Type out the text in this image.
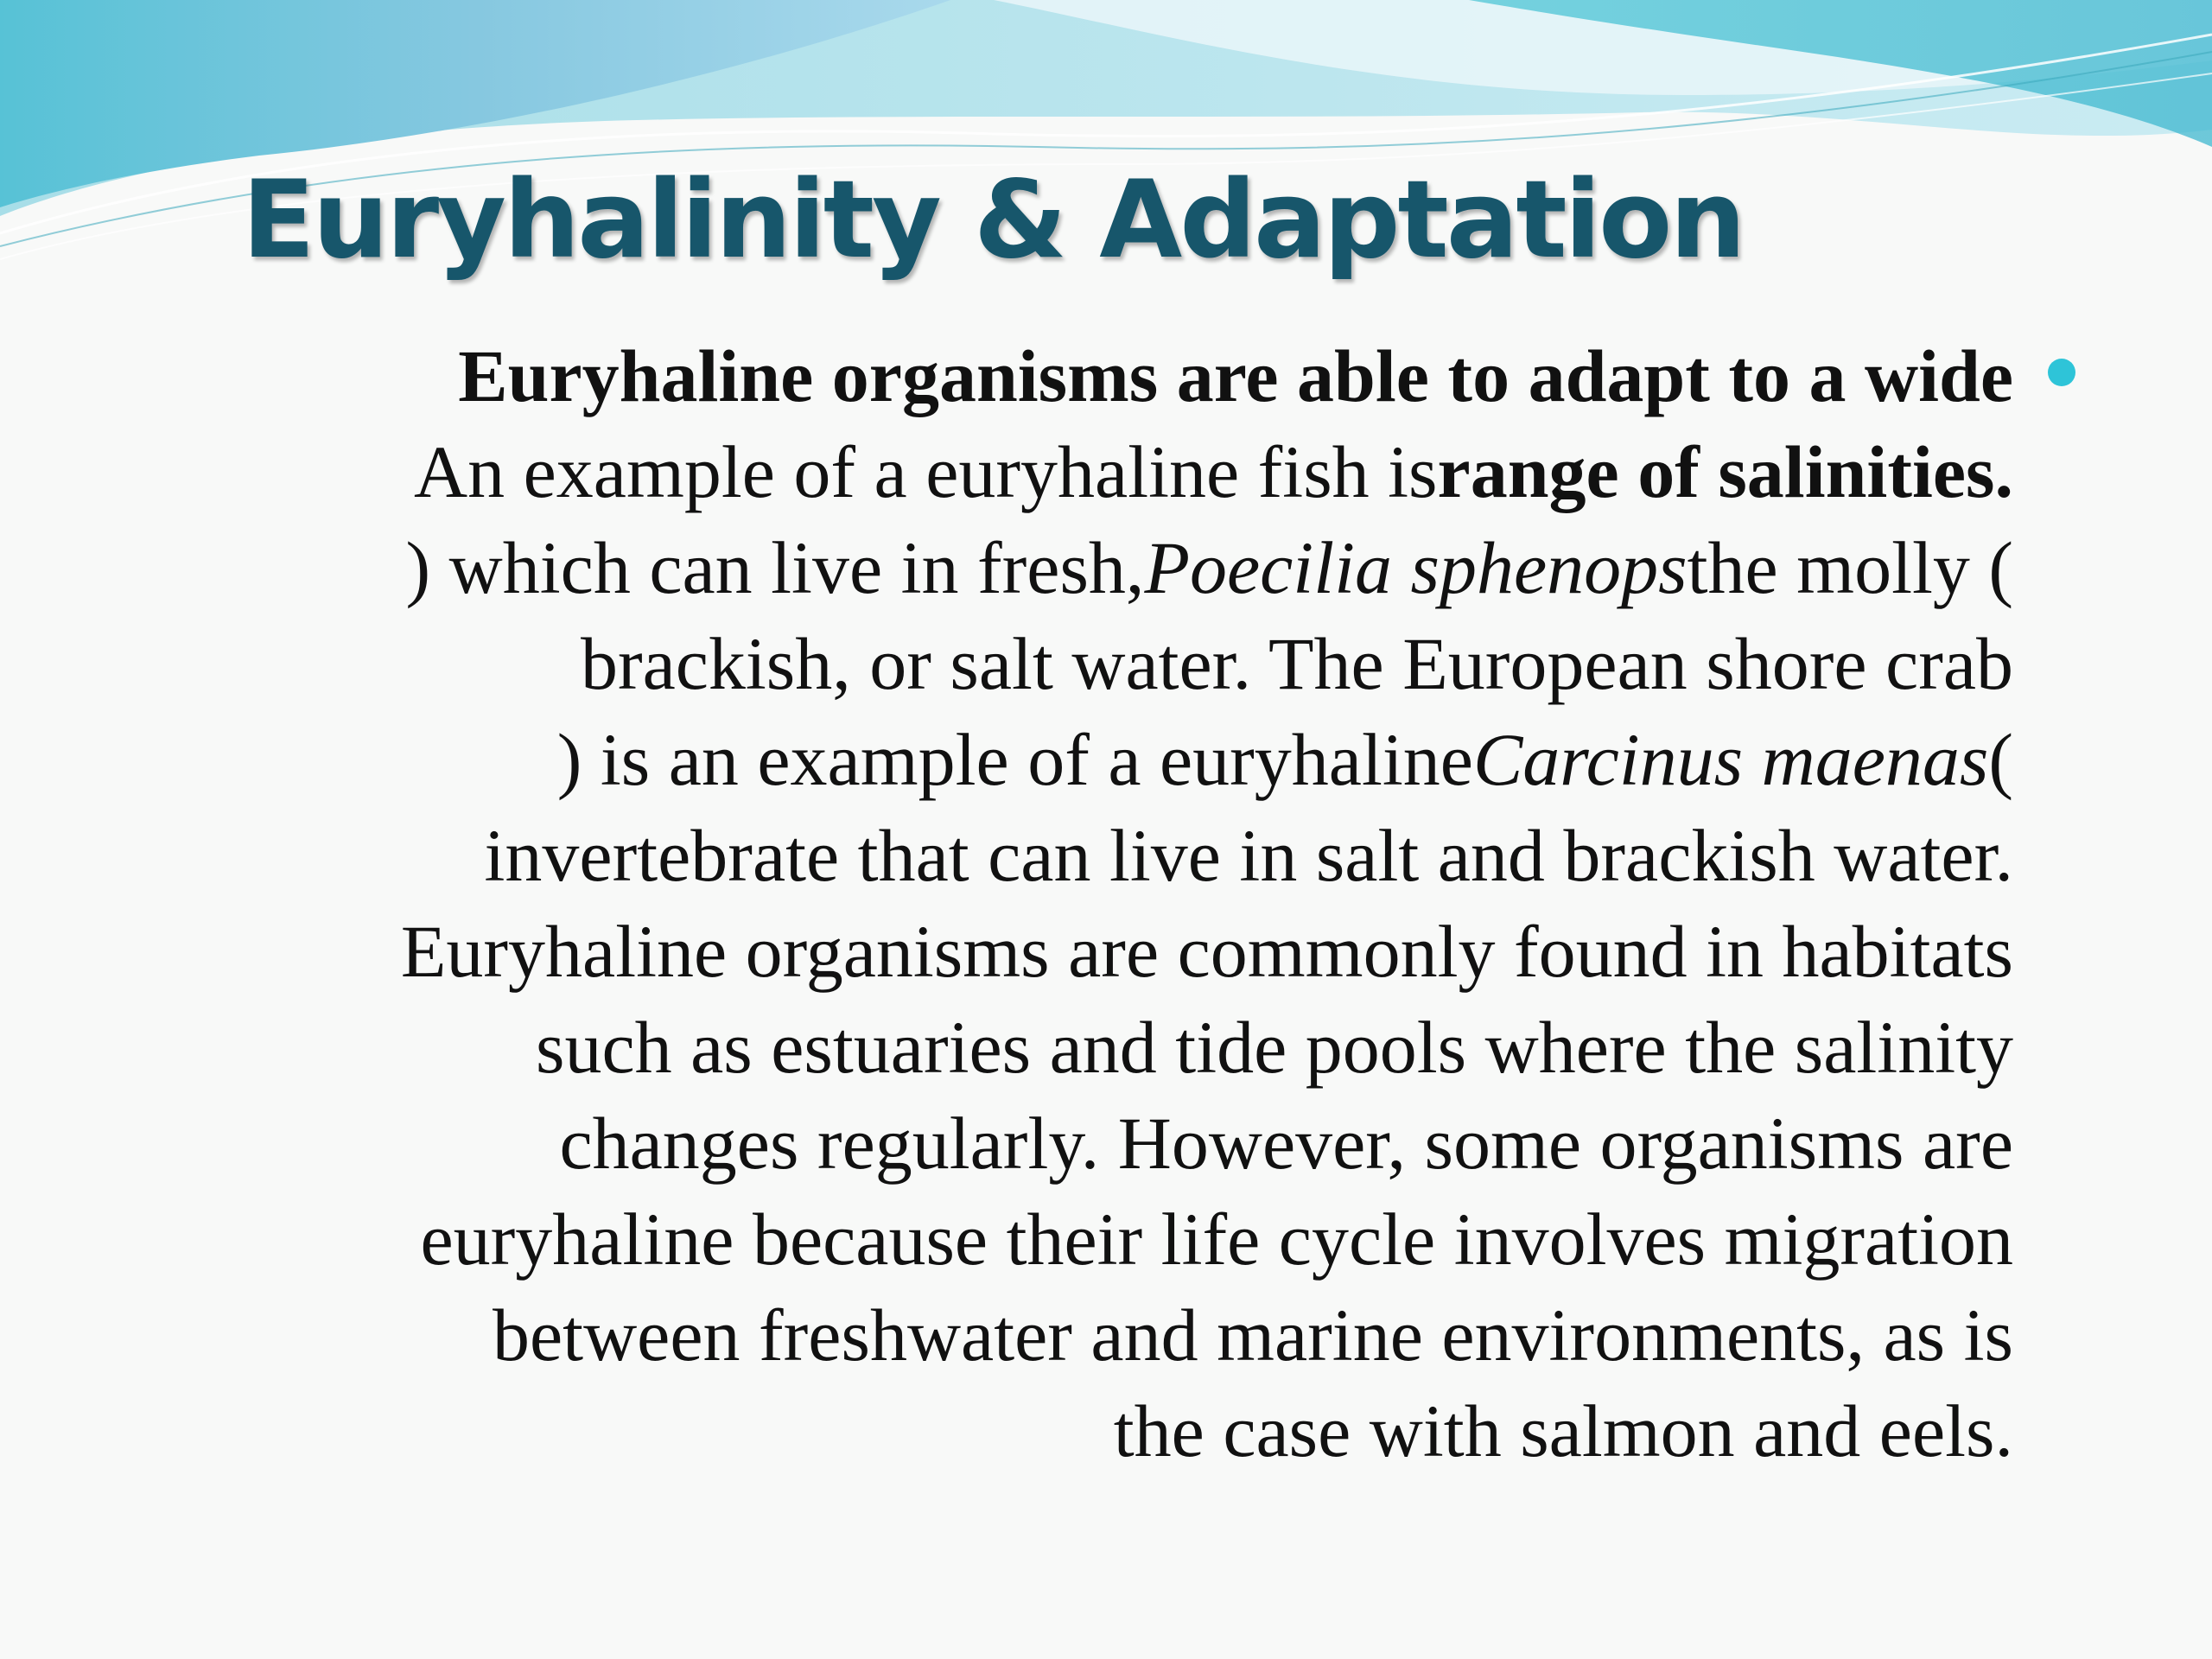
Euryhalinity & Adaptation

Euryhaline organisms are able to adapt to a wide
range of salinities. An example of a euryhaline fish is
the molly (Poecilia sphenops) which can live in fresh,
brackish, or salt water. The European shore crab
(Carcinus maenas) is an example of a euryhaline
invertebrate that can live in salt and brackish water.
Euryhaline organisms are commonly found in habitats
such as estuaries and tide pools where the salinity
changes regularly. However, some organisms are
euryhaline because their life cycle involves migration
between freshwater and marine environments, as is
the case with salmon and eels.
